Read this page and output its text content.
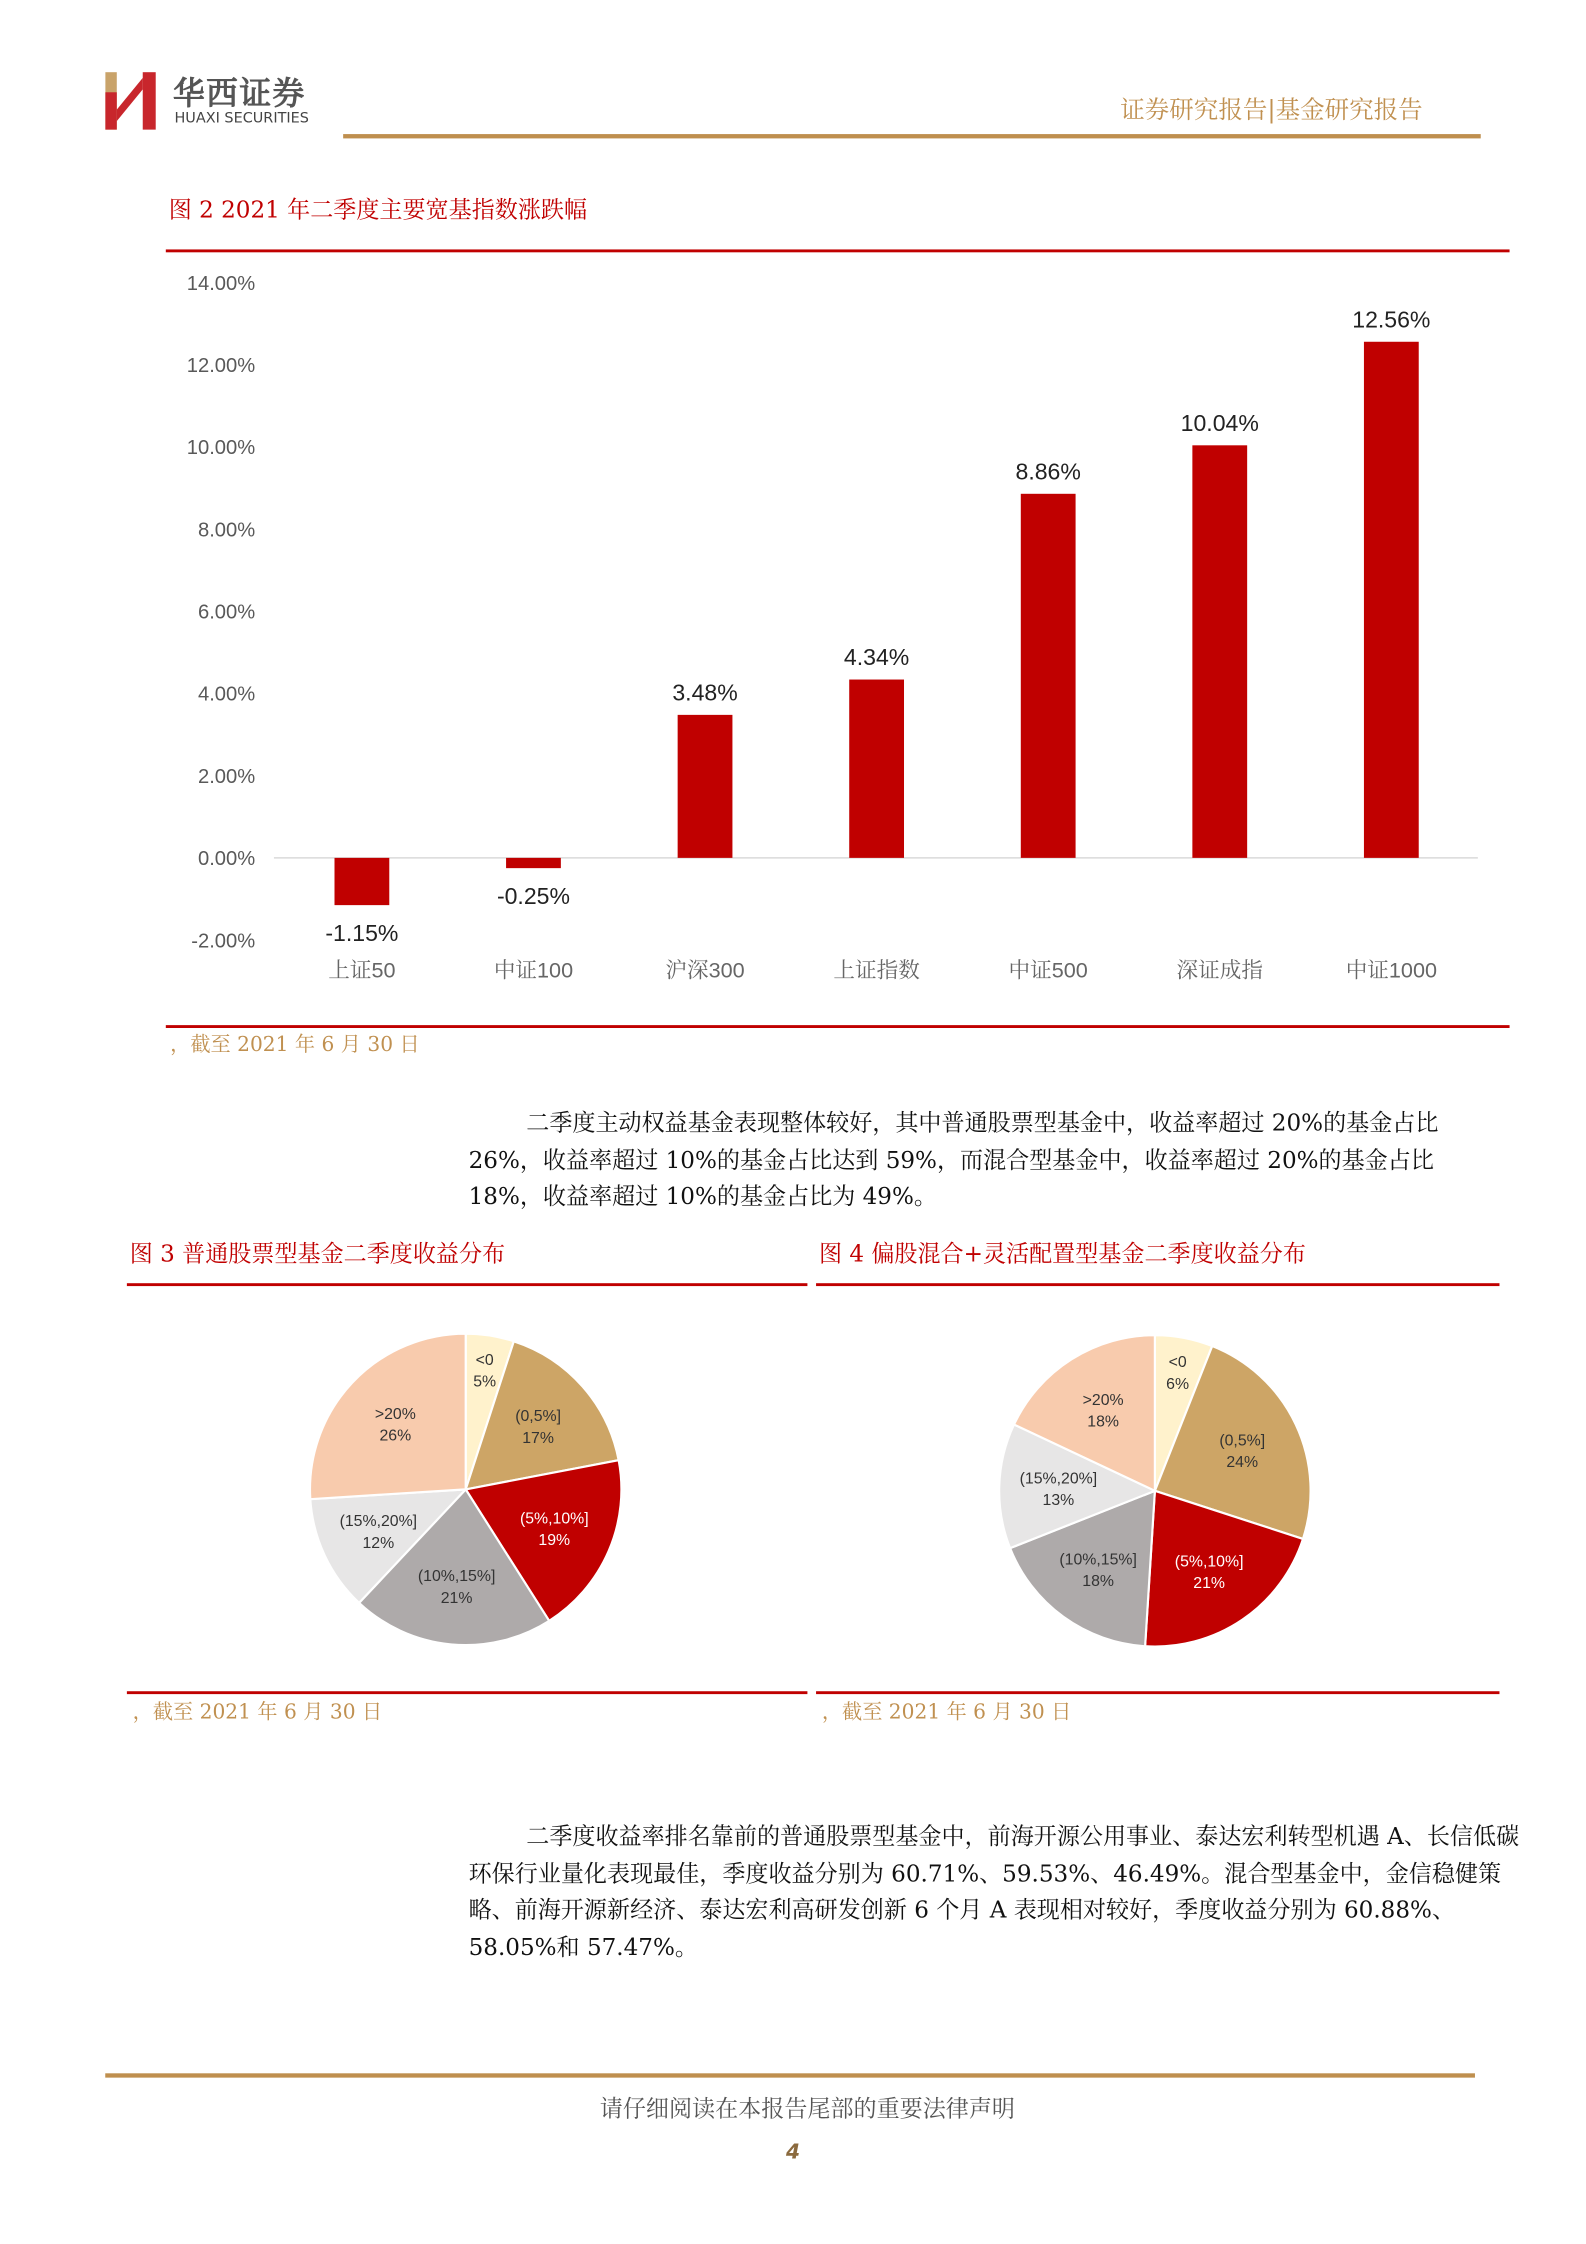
华西证券
HUAXI SECURITIES	证券研究报告|基金研究报告
图 2 2021 年二季度主要宽基指数涨跌幅
14.00%
12.00%
10.00%
8.00%
6.00%
4.00%
2.00%
0.00%
-2.00%	-1.15%
上证50
-0.25%
中证100
3.48%
沪深300
4.34%
上证指数
8.86%
中证500
10.04%
深证成指
12.56%
中证1000
，截至 2021 年 6 月 30 日
二季度主动权益基金表现整体较好，其中普通股票型基金中，收益率超过 20%的基金占比 26%，收益率超过 10%的基金占比达到 59%，而混合型基金中，收益率超过 20%的基金占比 18%，收益率超过 10%的基金占比为 49%。
图 3 普通股票型基金二季度收益分布	图 4 偏股混合+灵活配置型基金二季度收益分布
<0
5%
(0,5%]
17%
(5%,10%]
19%
(10%,15%]
21%
(15%,20%]
12%
>20%
26%
<0
6%
(0,5%]
24%
(5%,10%]
21%
(10%,15%]
18%
(15%,20%]
13%
>20%
18%
，截至 2021 年 6 月 30 日	，截至 2021 年 6 月 30 日
二季度收益率排名靠前的普通股票型基金中，前海开源公用事业、泰达宏利转型机遇 A、长信低碳环保行业量化表现最佳，季度收益分别为 60.71%、59.53%、46.49%。混合型基金中，金信稳健策略、前海开源新经济、泰达宏利高研发创新 6 个月 A 表现相对较好，季度收益分别为 60.88%、58.05%和 57.47%。
请仔细阅读在本报告尾部的重要法律声明
4
